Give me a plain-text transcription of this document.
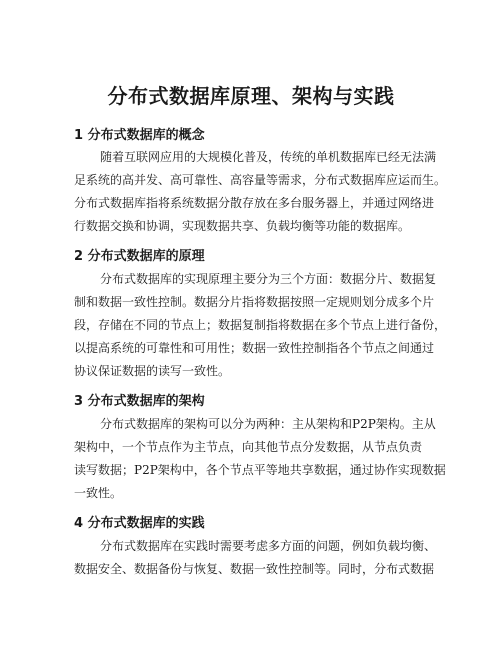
分布式数据库原理、架构与实践
1 分布式数据库的概念
随着互联网应用的大规模化普及，传统的单机数据库已经无法满
足系统的高并发、高可靠性、高容量等需求，分布式数据库应运而生。
分布式数据库指将系统数据分散存放在多台服务器上，并通过网络进
行数据交换和协调，实现数据共享、负载均衡等功能的数据库。
2 分布式数据库的原理
分布式数据库的实现原理主要分为三个方面：数据分片、数据复
制和数据一致性控制。数据分片指将数据按照一定规则划分成多个片
段，存储在不同的节点上；数据复制指将数据在多个节点上进行备份，
以提高系统的可靠性和可用性；数据一致性控制指各个节点之间通过
协议保证数据的读写一致性。
3 分布式数据库的架构
分布式数据库的架构可以分为两种：主从架构和P2P架构。主从
架构中，一个节点作为主节点，向其他节点分发数据，从节点负责
读写数据；P2P架构中，各个节点平等地共享数据，通过协作实现数据
一致性。
4 分布式数据库的实践
分布式数据库在实践时需要考虑多方面的问题，例如负载均衡、
数据安全、数据备份与恢复、数据一致性控制等。同时，分布式数据
